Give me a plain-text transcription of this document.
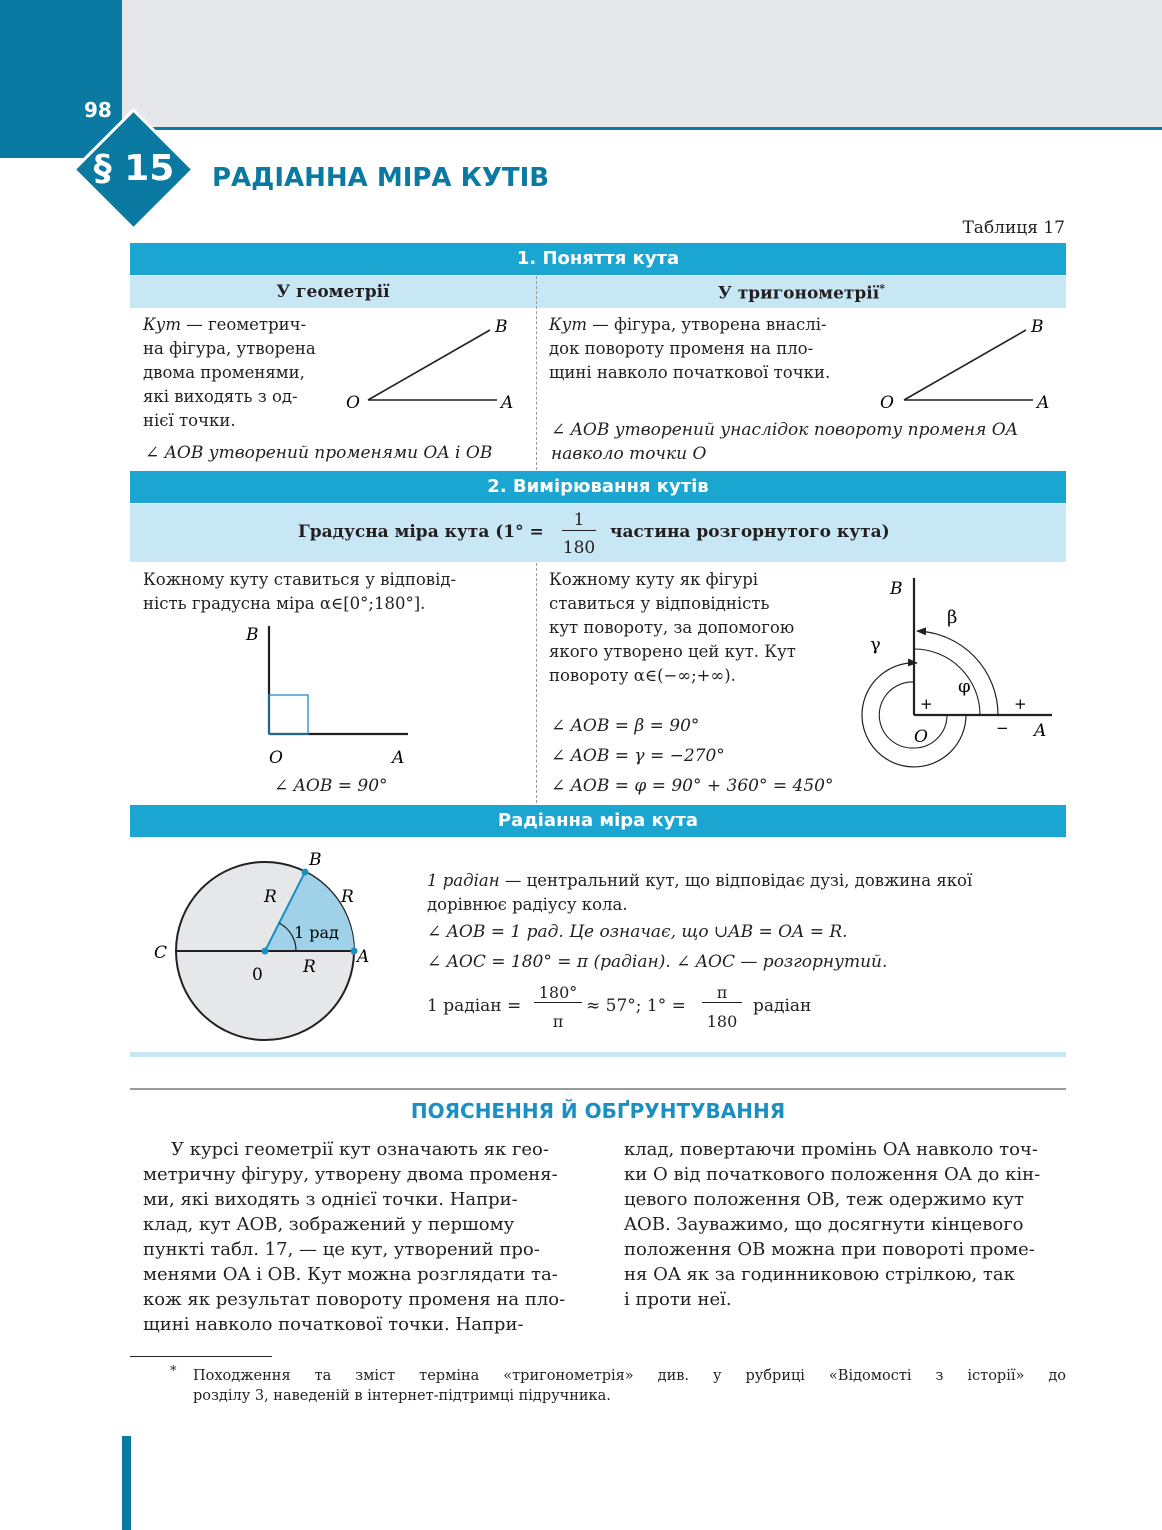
98
§ 15 РАДІАННА МІРА КУТІВ
Таблиця 17
1. Поняття кута
У геометрії	У тригонометрії*
Кут — геометрич-
на фігура, утворена
двома променями,
які виходять з од-
нієї точки.
O	A
B
∠ AOB утворений променями OA і OB
Кут — фігура, утворена внаслі-
док повороту променя на пло-
щині навколо початкової точки.
O	A
B
∠ AOB утворений унаслідок повороту променя OA
навколо точки O
2. Вимірювання кутів
Градусна міра кута (1° =
1
180
частина розгорнутого кута)
Кожному куту ставиться у відповід-
ність градусна міра α∈[0°;180°].
B
O	A
∠ AOB = 90°
Кожному куту як фігурі
ставиться у відповідність
кут повороту, за допомогою
якого утворено цей кут. Кут
повороту α∈(−∞;+∞).
∠ AOB = β = 90°
∠ AOB = γ = −270°
∠ AOB = φ = 90° + 360° = 450°
B
O	A
β
γ
φ
+	+
−
Радіанна міра кута
B
C	A
0
R	R
R
1 рад
1 радіан — центральний кут, що відповідає дузі, довжина якої
дорівнює радіусу кола.
∠ AOB = 1 рад. Це означає, що ∪AB = OA = R.
∠ AOC = 180° = π (радіан). ∠ AOC — розгорнутий.
1 радіан =
180°
π
≈ 57°; 1° =
π
180
радіан
ПОЯСНЕННЯ Й ОБҐРУНТУВАННЯ
У курсі геометрії кут означають як гео-
метричну фігуру, утворену двома променя-
ми, які виходять з однієї точки. Напри-
клад, кут AOB, зображений у першому
пункті табл. 17, — це кут, утворений про-
менями OA і OB. Кут можна розглядати та-
кож як результат повороту променя на пло-
щині навколо початкової точки. Напри-
клад, повертаючи промінь OA навколо точ-
ки O від початкового положення OA до кін-
цевого положення OB, теж одержимо кут
AOB. Зауважимо, що досягнути кінцевого
положення OB можна при повороті проме-
ня OA як за годинниковою стрілкою, так
і проти неї.
* Походження та зміст терміна «тригонометрія» див. у рубриці «Відомості з історії» до
розділу 3, наведеній в інтернет-підтримці підручника.
